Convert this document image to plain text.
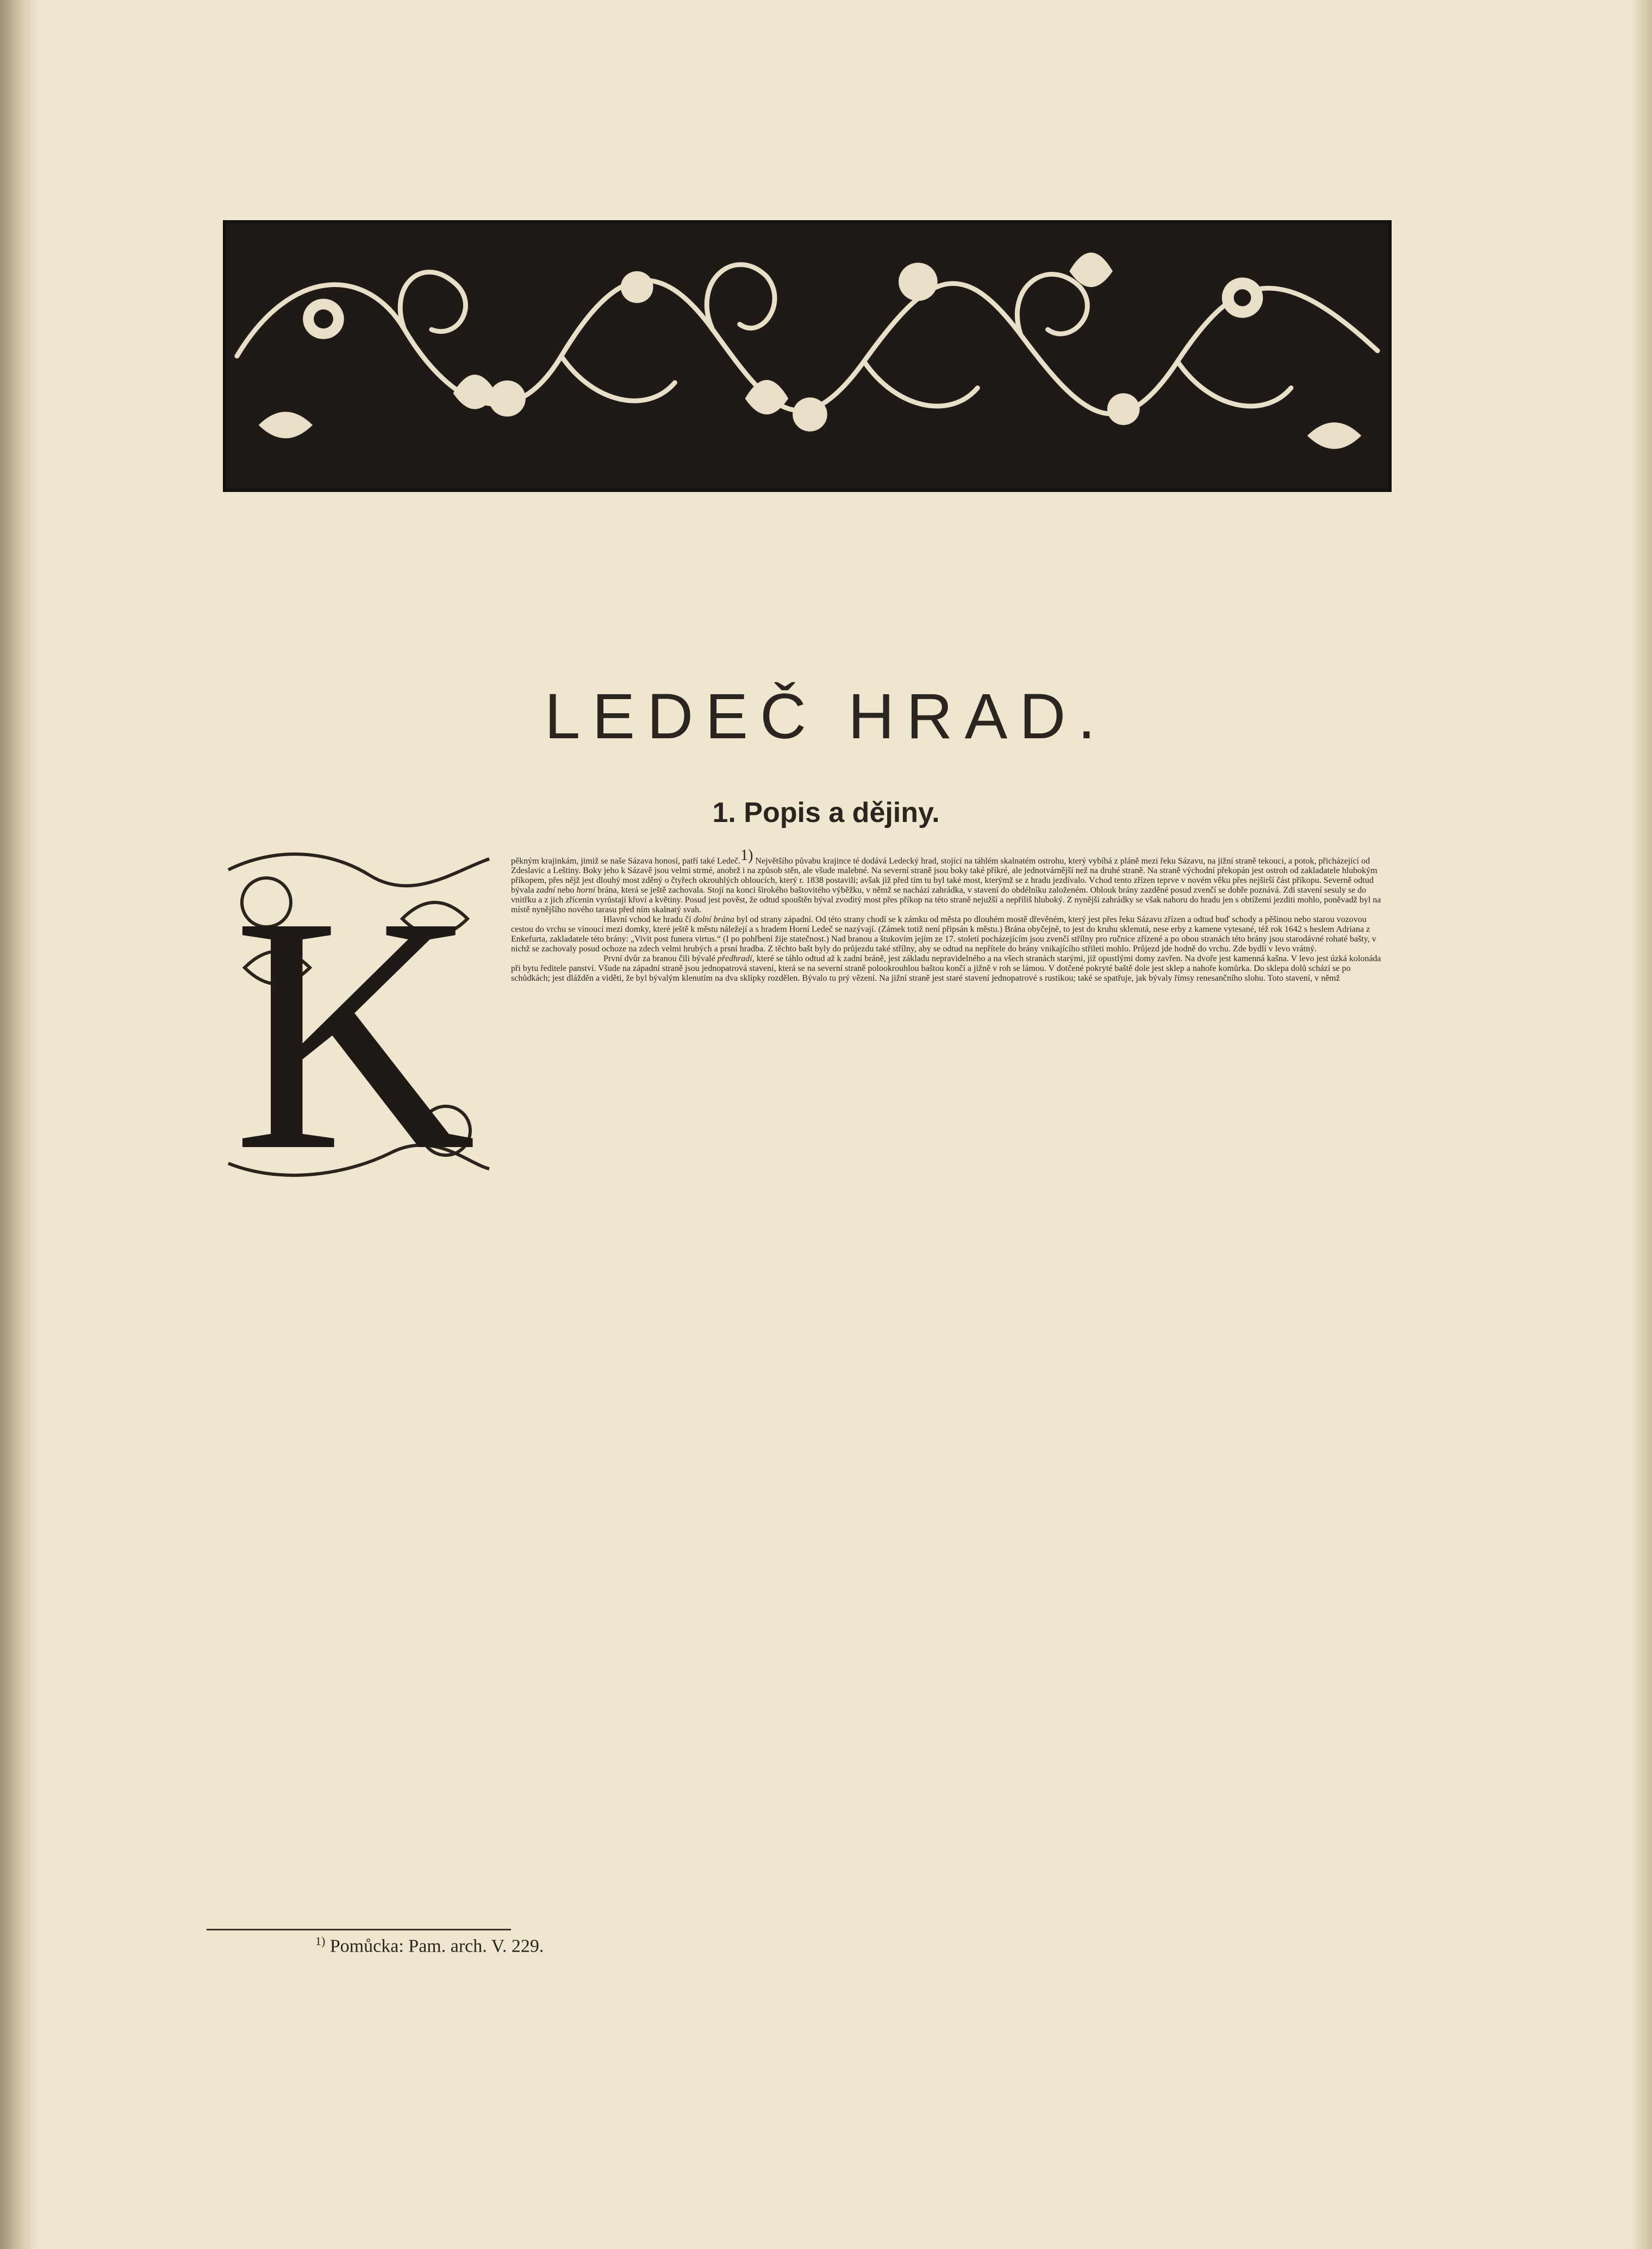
LEDEČ HRAD.
1. Popis a dějiny.
K	pěkným krajinkám, jimiž se naše Sázava honosí, patří také Ledeč.$^{1)}$ Největšího půvabu krajince té dodává Ledecký hrad, stojící na táhlém skalnatém ostrohu, který vybíhá z pláně mezi řeku Sázavu, na jižní straně tekoucí, a potok, přicházející od Zdeslavic a Leštiny. Boky jeho k Sázavě jsou velmi strmé, anobrž i na způsob stěn, ale všude malebné. Na severní straně jsou boky také příkré, ale jednotvárnější než na druhé straně. Na straně východní překopán jest ostroh od zakladatele hlubokým příkopem, přes nějž jest dlouhý most zděný o čtyřech okrouhlých obloucích, který r. 1838 postavili; avšak již před tím tu byl také most, kterýmž se z hradu jezdívalo. Vchod tento zřízen teprve v novém věku přes nejširší část příkopu. Severně odtud bývala zadní nebo horní brána, která se ještě zachovala. Stojí na konci širokého baštovitého výběžku, v němž se nachází zahrádka, v stavení do obdélníku založeném. Oblouk brány zazděné posud zvenčí se dobře poznává. Zdi stavení sesuly se do vnitřku a z jich zřícenin vyrůstají křoví a květiny. Posud jest pověst, že odtud spouštěn býval zvoditý most přes příkop na této straně nejužší a nepříliš hluboký. Z nynější zahrádky se však nahoru do hradu jen s obtížemi jezditi mohlo, poněvadž byl na místě nynějšího nového tarasu před ním skalnatý svah.

Hlavní vchod ke hradu či dolní brána byl od strany západní. Od této strany chodí se k zámku od města po dlouhém mostě dřevěném, který jest přes řeku Sázavu zřízen a odtud buď schody a pěšinou nebo starou vozovou cestou do vrchu se vinoucí mezi domky, které ještě k městu náležejí a s hradem Horní Ledeč se nazývají. (Zámek totiž není připsán k městu.) Brána obyčejně, to jest do kruhu sklenutá, nese erby z kamene vytesané, též rok 1642 s heslem Adriana z Enkefurta, zakladatele této brány: „Vivit post funera virtus.“ (I po pohřbení žije statečnost.) Nad branou a štukovím jejím ze 17. století pocházejícím jsou zvenčí střílny pro ručnice zřízené a po obou stranách této brány jsou starodávné rohaté bašty, v nichž se zachovaly posud ochoze na zdech velmi hrubých a prsní hradba. Z těchto bašt byly do průjezdu také střílny, aby se odtud na nepřítele do brány vnikajícího střileti mohlo. Průjezd jde hodně do vrchu. Zde bydlí v levo vrátný.

První dvůr za branou čili bývalé předhradí, které se táhlo odtud až k zadní bráně, jest základu nepravidelného a na všech stranách starými, již opustlými domy zavřen. Na dvoře jest kamenná kašna. V levo jest úzká kolonáda při bytu ředitele panství. Všude na západní straně jsou jednopatrová stavení, která se na severní straně polookrouhlou baštou končí a jižně v roh se lámou. V dotčené pokryté baště dole jest sklep a nahoře komůrka. Do sklepa dolů schází se po schůdkách; jest dlážděn a viděti, že byl bývalým klenutím na dva sklípky rozdělen. Bývalo tu prý vězení. Na jižní straně jest staré stavení jednopatrové s rustikou; také se spatřuje, jak bývaly římsy renesančního slohu. Toto stavení, v němž

$^{1)}$ Pomůcka: Pam. arch. V. 229.
